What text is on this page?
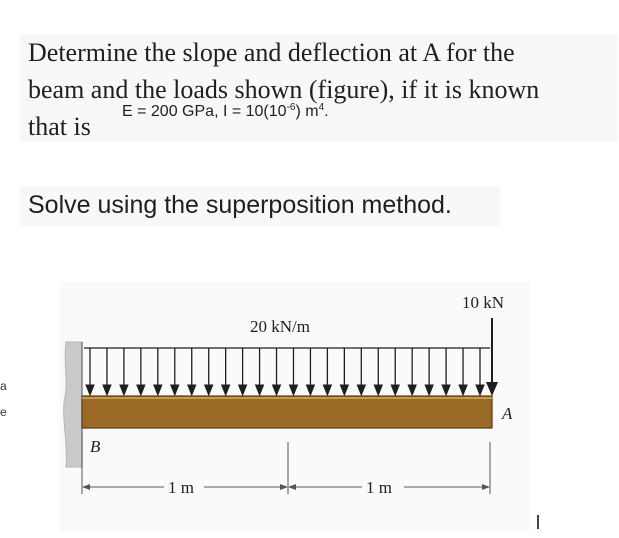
Determine the slope and deflection at A for the
beam and the loads shown (figure), if it is known
that is
E = 200 GPa, $I = 10(10^{-6})$ $m^4$.
Solve using the superposition method.
a
e
20 kN/m
10 kN
B
A
1 m	1 m
